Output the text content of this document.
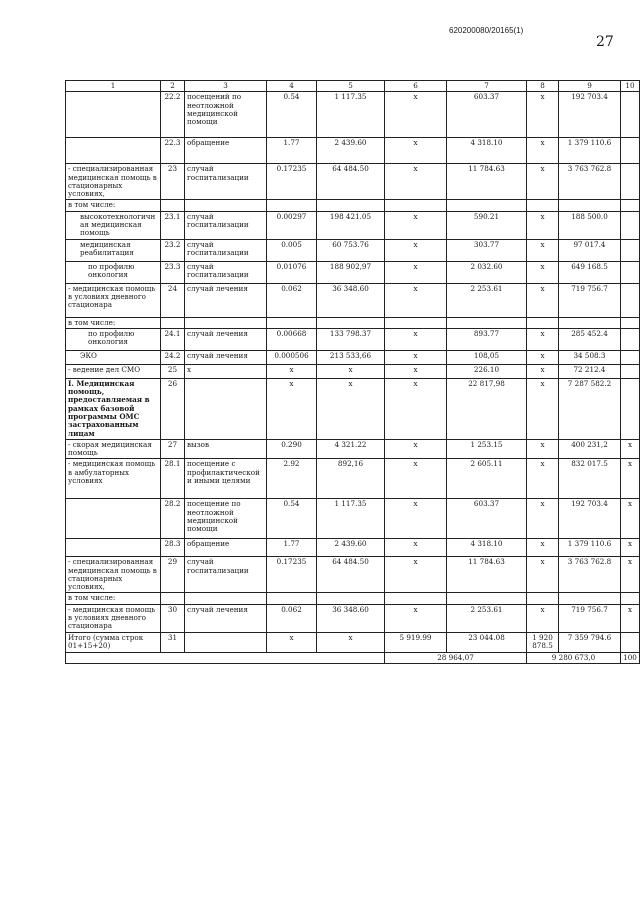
620200080/20165(1)
27
1	2	3	4	5	6	7	8	9	10
	22.2	посещений по неотложной медицинской помощи	0.54	1 117.35	x	603.37	x	192 703.4	
	22.3	обращение	1.77	2 439.60	x	4 318.10	x	1 379 110.6	
- специализированная медицинская помощь в стационарных условиях,	23	случай госпитализации	0.17235	64 484.50	x	11 784.63	x	3 763 762.8	
в том числе:									
высокотехнологичная медицинская помощь	23.1	случай госпитализации	0.00297	198 421.05	x	590.21	x	188 500.0	
медицинская реабилитация	23.2	случай госпитализации	0.005	60 753.76	x	303.77	x	97 017.4	
по профилю онкология	23.3	случай госпитализации	0.01076	188 902,97	x	2 032.60	x	649 168.5	
- медицинская помощь в условиях дневного стационара	24	случай лечения	0.062	36 348.60	x	2 253.61	x	719 756.7	
в том числе:									
по профилю онкология	24.1	случай лечения	0.00668	133 798.37	x	893.77	x	285 452.4	
ЭКО	24.2	случай лечения	0.000506	213 533,66	x	108,05	x	34 508.3	
- ведение дел СМО	25	x	x	x	x	226.10	x	72 212.4	
I. Медицинская помощь, предоставляемая в рамках базовой программы ОМС застрахованным лицам	26		x	x	x	22 817,98	x	7 287 582.2	
- скорая медицинская помощь	27	вызов	0.290	4 321.22	x	1 253.15	x	400 231,2	x
- медицинская помощь в амбулаторных условиях	28.1	посещение с профилактической и иными целями	2.92	892,16	x	2 605.11	x	832 017.5	x
	28.2	посещение по неотложной медицинской помощи	0.54	1 117.35	x	603.37	x	192 703.4	x
	28.3	обращение	1.77	2 439.60	x	4 318.10	x	1 379 110.6	x
- специализированная медицинская помощь в стационарных условиях,	29	случай госпитализации	0.17235	64 484.50	x	11 784.63	x	3 763 762.8	x
в том числе:									
- медицинская помощь в условиях дневного стационара	30	случай лечения	0.062	36 348.60	x	2 253.61	x	719 756.7	x
Итого (сумма строк 01+15+20)	31		x	x	5 919.99	23 044.08	1 920 878.5	7 359 794.6	
					28 964,07		9 280 673,0		100
